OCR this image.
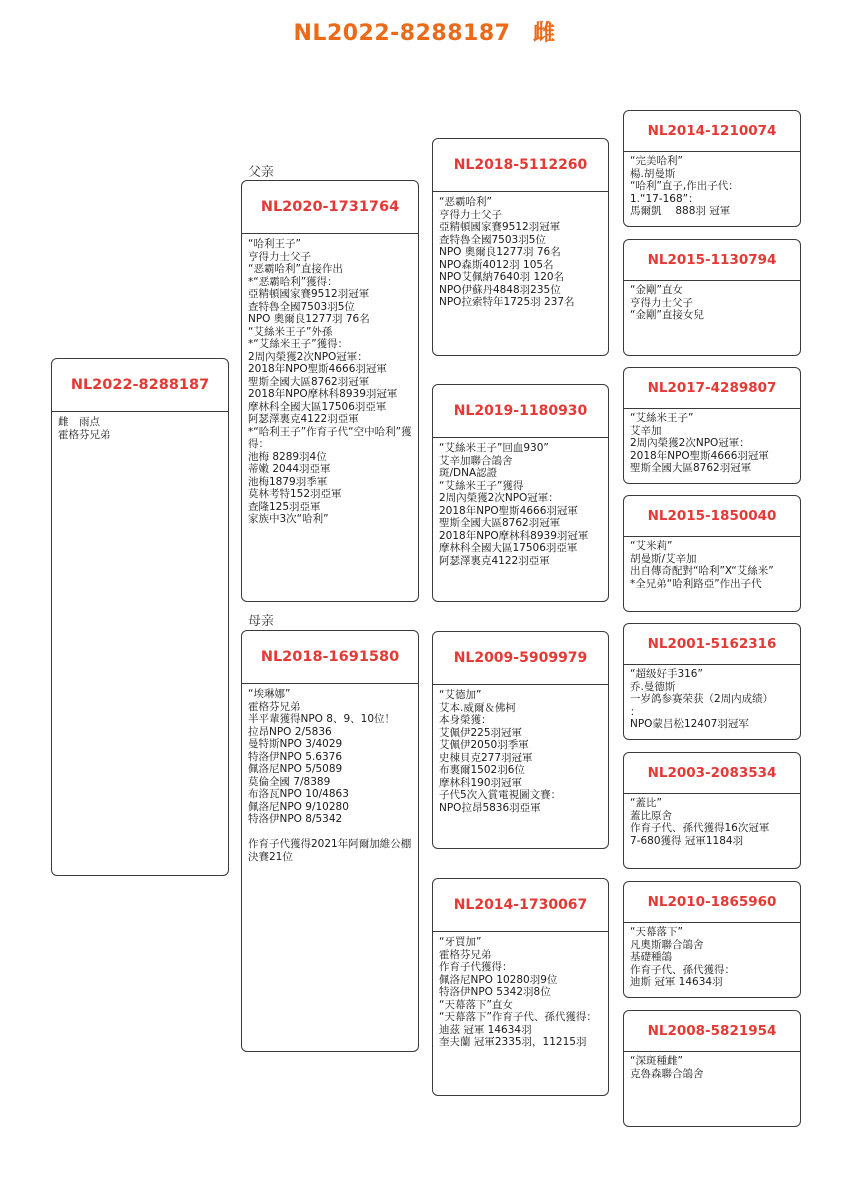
NL2022-8288187　雌
NL2022-8288187
雌　雨点
霍格芬兄弟
父亲
NL2020-1731764
“哈利王子”
亨得力士父子
“恶霸哈利”直接作出
*“恶霸哈利”獲得：
亞精頓國家賽9512羽冠軍
查特魯全國7503羽5位
NPO 奧爾良1277羽 76名
“艾絲米王子”外孫
*“艾絲米王子”獲得：
2周內榮獲2次NPO冠軍：
2018年NPO聖斯4666羽冠軍
聖斯全國大區8762羽冠軍
2018年NPO摩林科8939羽冠軍
摩林科全國大區17506羽亞軍
阿瑟澤裏克4122羽亞軍
*“哈利王子”作育子代“空中哈利”獲得：
池梅 8289羽4位
蒂嫩 2044羽亞軍
池梅1879羽季軍
莫林考特152羽亞軍
查隆125羽亞軍
家族中3次“哈利”
母亲
NL2018-1691580
“埃琳娜”
霍格芬兄弟
半平輩獲得NPO 8、9、10位！
拉昂NPO 2/5836
曼特斯NPO 3/4029
特洛伊NPO 5.6376
佩洛尼NPO 5/5089
莫倫全國 7/8389
布洛瓦NPO 10/4863
佩洛尼NPO 9/10280
特洛伊NPO 8/5342

作育子代獲得2021年阿爾加維公棚決賽21位
NL2018-5112260
“恶霸哈利”
亨得力士父子
亞精頓國家賽9512羽冠軍
查特魯全國7503羽5位
NPO 奧爾良1277羽 76名
NPO森斯4012羽 105名
NPO艾佩納7640羽 120名
NPO伊蘇丹4848羽235位
NPO拉索特年1725羽 237名
NL2019-1180930
“艾絲米王子”回血930”
艾辛加聯合鴿舍
斑/DNA認證
“艾絲米王子”獲得
2周內榮獲2次NPO冠軍：
2018年NPO聖斯4666羽冠軍
聖斯全國大區8762羽冠軍
2018年NPO摩林科8939羽冠軍
摩林科全國大區17506羽亞軍
阿瑟澤裏克4122羽亞軍
NL2009-5909979
“艾德加”
艾本.威爾＆佛柯
本身榮獲：
艾佩伊225羽冠軍
艾佩伊2050羽季軍
史棟貝克277羽冠軍
布裏爾1502羽6位
摩林科190羽冠軍
子代5次入賞電視圖文賽：
NPO拉昂5836羽亞軍
NL2014-1730067
“牙買加”
霍格芬兄弟
作育子代獲得：
佩洛尼NPO 10280羽9位
特洛伊NPO 5342羽8位
“天幕落下”直女
“天幕落下”作育子代、孫代獲得：
迪茲 冠軍 14634羽
奎夫蘭 冠軍2335羽，11215羽
NL2014-1210074
“完美哈利”
楊.胡曼斯
“哈利”直子,作出子代：
1.“17-168”：
馬爾凱　 888羽 冠軍
NL2015-1130794
“金剛”直女
亨得力士父子
“金剛”直接女兒
NL2017-4289807
“艾絲米王子”
艾辛加
2周內榮獲2次NPO冠軍：
2018年NPO聖斯4666羽冠軍
聖斯全國大區8762羽冠軍
NL2015-1850040
“艾米莉”
胡曼斯/艾辛加
出自傳奇配對“哈利”X“艾絲米”
*全兄弟“哈利路亞”作出子代
NL2001-5162316
“超级好手316”
乔.曼德斯
一岁鸽参赛荣获（2周内成绩）
：
NPO蒙吕松12407羽冠军
NL2003-2083534
“蓋比”
蓋比原舍
作育子代、孫代獲得16次冠軍
7-680獲得 冠軍1184羽
NL2010-1865960
“天幕落下”
凡奧斯聯合鴿舍
基礎種鴿
作育子代、孫代獲得：
迪斯 冠軍 14634羽
NL2008-5821954
“深斑種雌”
克魯森聯合鴿舍
